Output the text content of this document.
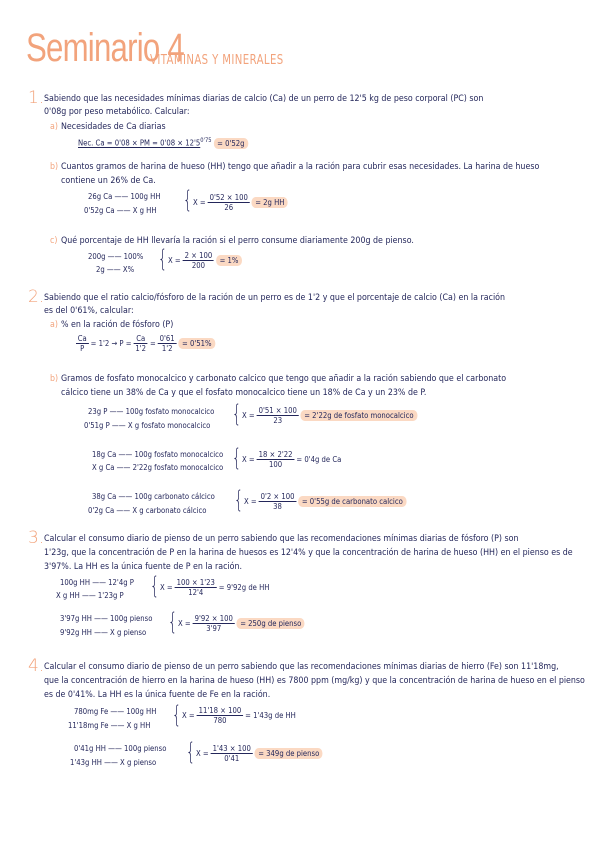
Seminario 4
VITAMINAS Y MINERALES
1. Sabiendo que las necesidades mínimas diarias de calcio (Ca) de un perro de 12'5 kg de peso corporal (PC) son
0'08g por peso metabólico. Calcular:
a) Necesidades de Ca diarias
Nec. Ca = 0'08 × PM = $0'08 \times 12'5^{0'75} = 0'52g$
b) Cuantos gramos de harina de hueso (HH) tengo que añadir a la ración para cubrir esas necesidades. La harina de hueso
contiene un 26% de Ca.
26g Ca —— 100g HH
0'52g Ca —— X g HH { $X = \frac{0'52 \times 100}{26} = 2g$ HH
c) Qué porcentaje de HH llevaría la ración si el perro consume diariamente 200g de pienso.
200g —— 100%
2g —— X% { $X = \frac{2 \times 100}{200} = 1\%$
2. Sabiendo que el ratio calcio/fósforo de la ración de un perro es de 1'2 y que el porcentaje de calcio (Ca) en la ración
es del 0'61%, calcular:
a) % en la ración de fósforo (P)
$\frac{Ca}{P} = 1'2 \to P = \frac{Ca}{1'2} = \frac{0'61}{1'2} = 0'51\%$
b) Gramos de fosfato monocalcico y carbonato calcico que tengo que añadir a la ración sabiendo que el carbonato
cálcico tiene un 38% de Ca y que el fosfato monocalcico tiene un 18% de Ca y un 23% de P.
23g P —— 100g fosfato monocalcico
0'51g P —— X g fosfato monocalcico { $X = \frac{0'51 \times 100}{23} = 2'22g$ de fosfato monocalcico
18g Ca —— 100g fosfato monocalcico
X g Ca —— 2'22g fosfato monocalcico { $X = \frac{18 \times 2'22}{100} = 0'4g$ de Ca
38g Ca —— 100g carbonato cálcico
0'2g Ca —— X g carbonato cálcico { $X = \frac{0'2 \times 100}{38} = 0'55g$ de carbonato calcico
3. Calcular el consumo diario de pienso de un perro sabiendo que las recomendaciones mínimas diarias de fósforo (P) son
1'23g, que la concentración de P en la harina de huesos es 12'4% y que la concentración de harina de hueso (HH) en el pienso es de
3'97%. La HH es la única fuente de P en la ración.
100g HH —— 12'4g P
X g HH —— 1'23g P { $X = \frac{100 \times 1'23}{12'4} = 9'92g$ de HH
3'97g HH —— 100g pienso
9'92g HH —— X g pienso { $X = \frac{9'92 \times 100}{3'97} = 250g$ de pienso
4. Calcular el consumo diario de pienso de un perro sabiendo que las recomendaciones mínimas diarias de hierro (Fe) son 11'18mg,
que la concentración de hierro en la harina de hueso (HH) es 7800 ppm (mg/kg) y que la concentración de harina de hueso en el pienso
es de 0'41%. La HH es la única fuente de Fe en la ración.
780mg Fe —— 100g HH
11'18mg Fe —— X g HH { $X = \frac{11'18 \times 100}{780} = 1'43g$ de HH
0'41g HH —— 100g pienso
1'43g HH —— X g pienso { $X = \frac{1'43 \times 100}{0'41} = 349g$ de pienso
